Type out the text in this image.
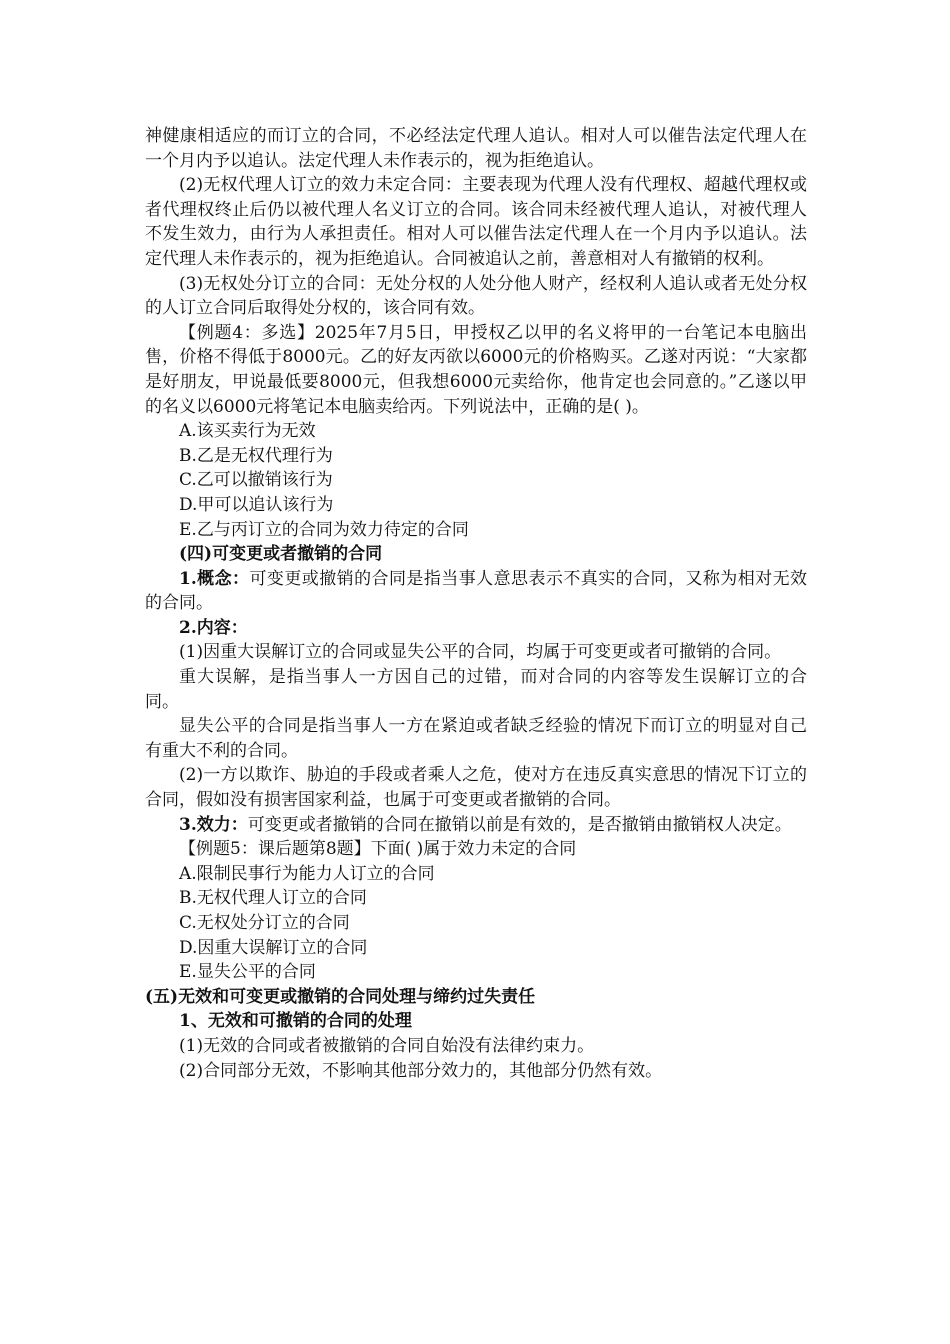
神健康相适应的而订立的合同，不必经法定代理人追认。相对人可以催告法定代理人在一个月内予以追认。法定代理人未作表示的，视为拒绝追认。

(2)无权代理人订立的效力未定合同：主要表现为代理人没有代理权、超越代理权或者代理权终止后仍以被代理人名义订立的合同。该合同未经被代理人追认，对被代理人不发生效力，由行为人承担责任。相对人可以催告法定代理人在一个月内予以追认。法定代理人未作表示的，视为拒绝追认。合同被追认之前，善意相对人有撤销的权利。

(3)无权处分订立的合同：无处分权的人处分他人财产，经权利人追认或者无处分权的人订立合同后取得处分权的，该合同有效。

【例题4：多选】2025年7月5日，甲授权乙以甲的名义将甲的一台笔记本电脑出售，价格不得低于8000元。乙的好友丙欲以6000元的价格购买。乙遂对丙说：“大家都是好朋友，甲说最低要8000元，但我想6000元卖给你，他肯定也会同意的。”乙遂以甲的名义以6000元将笔记本电脑卖给丙。下列说法中，正确的是( )。

A.该买卖行为无效

B.乙是无权代理行为

C.乙可以撤销该行为

D.甲可以追认该行为

E.乙与丙订立的合同为效力待定的合同

(四)可变更或者撤销的合同

1.概念：可变更或撤销的合同是指当事人意思表示不真实的合同，又称为相对无效的合同。

2.内容：

(1)因重大误解订立的合同或显失公平的合同，均属于可变更或者可撤销的合同。

重大误解，是指当事人一方因自己的过错，而对合同的内容等发生误解订立的合同。

显失公平的合同是指当事人一方在紧迫或者缺乏经验的情况下而订立的明显对自己有重大不利的合同。

(2)一方以欺诈、胁迫的手段或者乘人之危，使对方在违反真实意思的情况下订立的合同，假如没有损害国家利益，也属于可变更或者撤销的合同。

3.效力：可变更或者撤销的合同在撤销以前是有效的，是否撤销由撤销权人决定。

【例题5：课后题第8题】下面( )属于效力未定的合同

A.限制民事行为能力人订立的合同

B.无权代理人订立的合同

C.无权处分订立的合同

D.因重大误解订立的合同

E.显失公平的合同

(五)无效和可变更或撤销的合同处理与缔约过失责任

1、无效和可撤销的合同的处理

(1)无效的合同或者被撤销的合同自始没有法律约束力。

(2)合同部分无效，不影响其他部分效力的，其他部分仍然有效。
